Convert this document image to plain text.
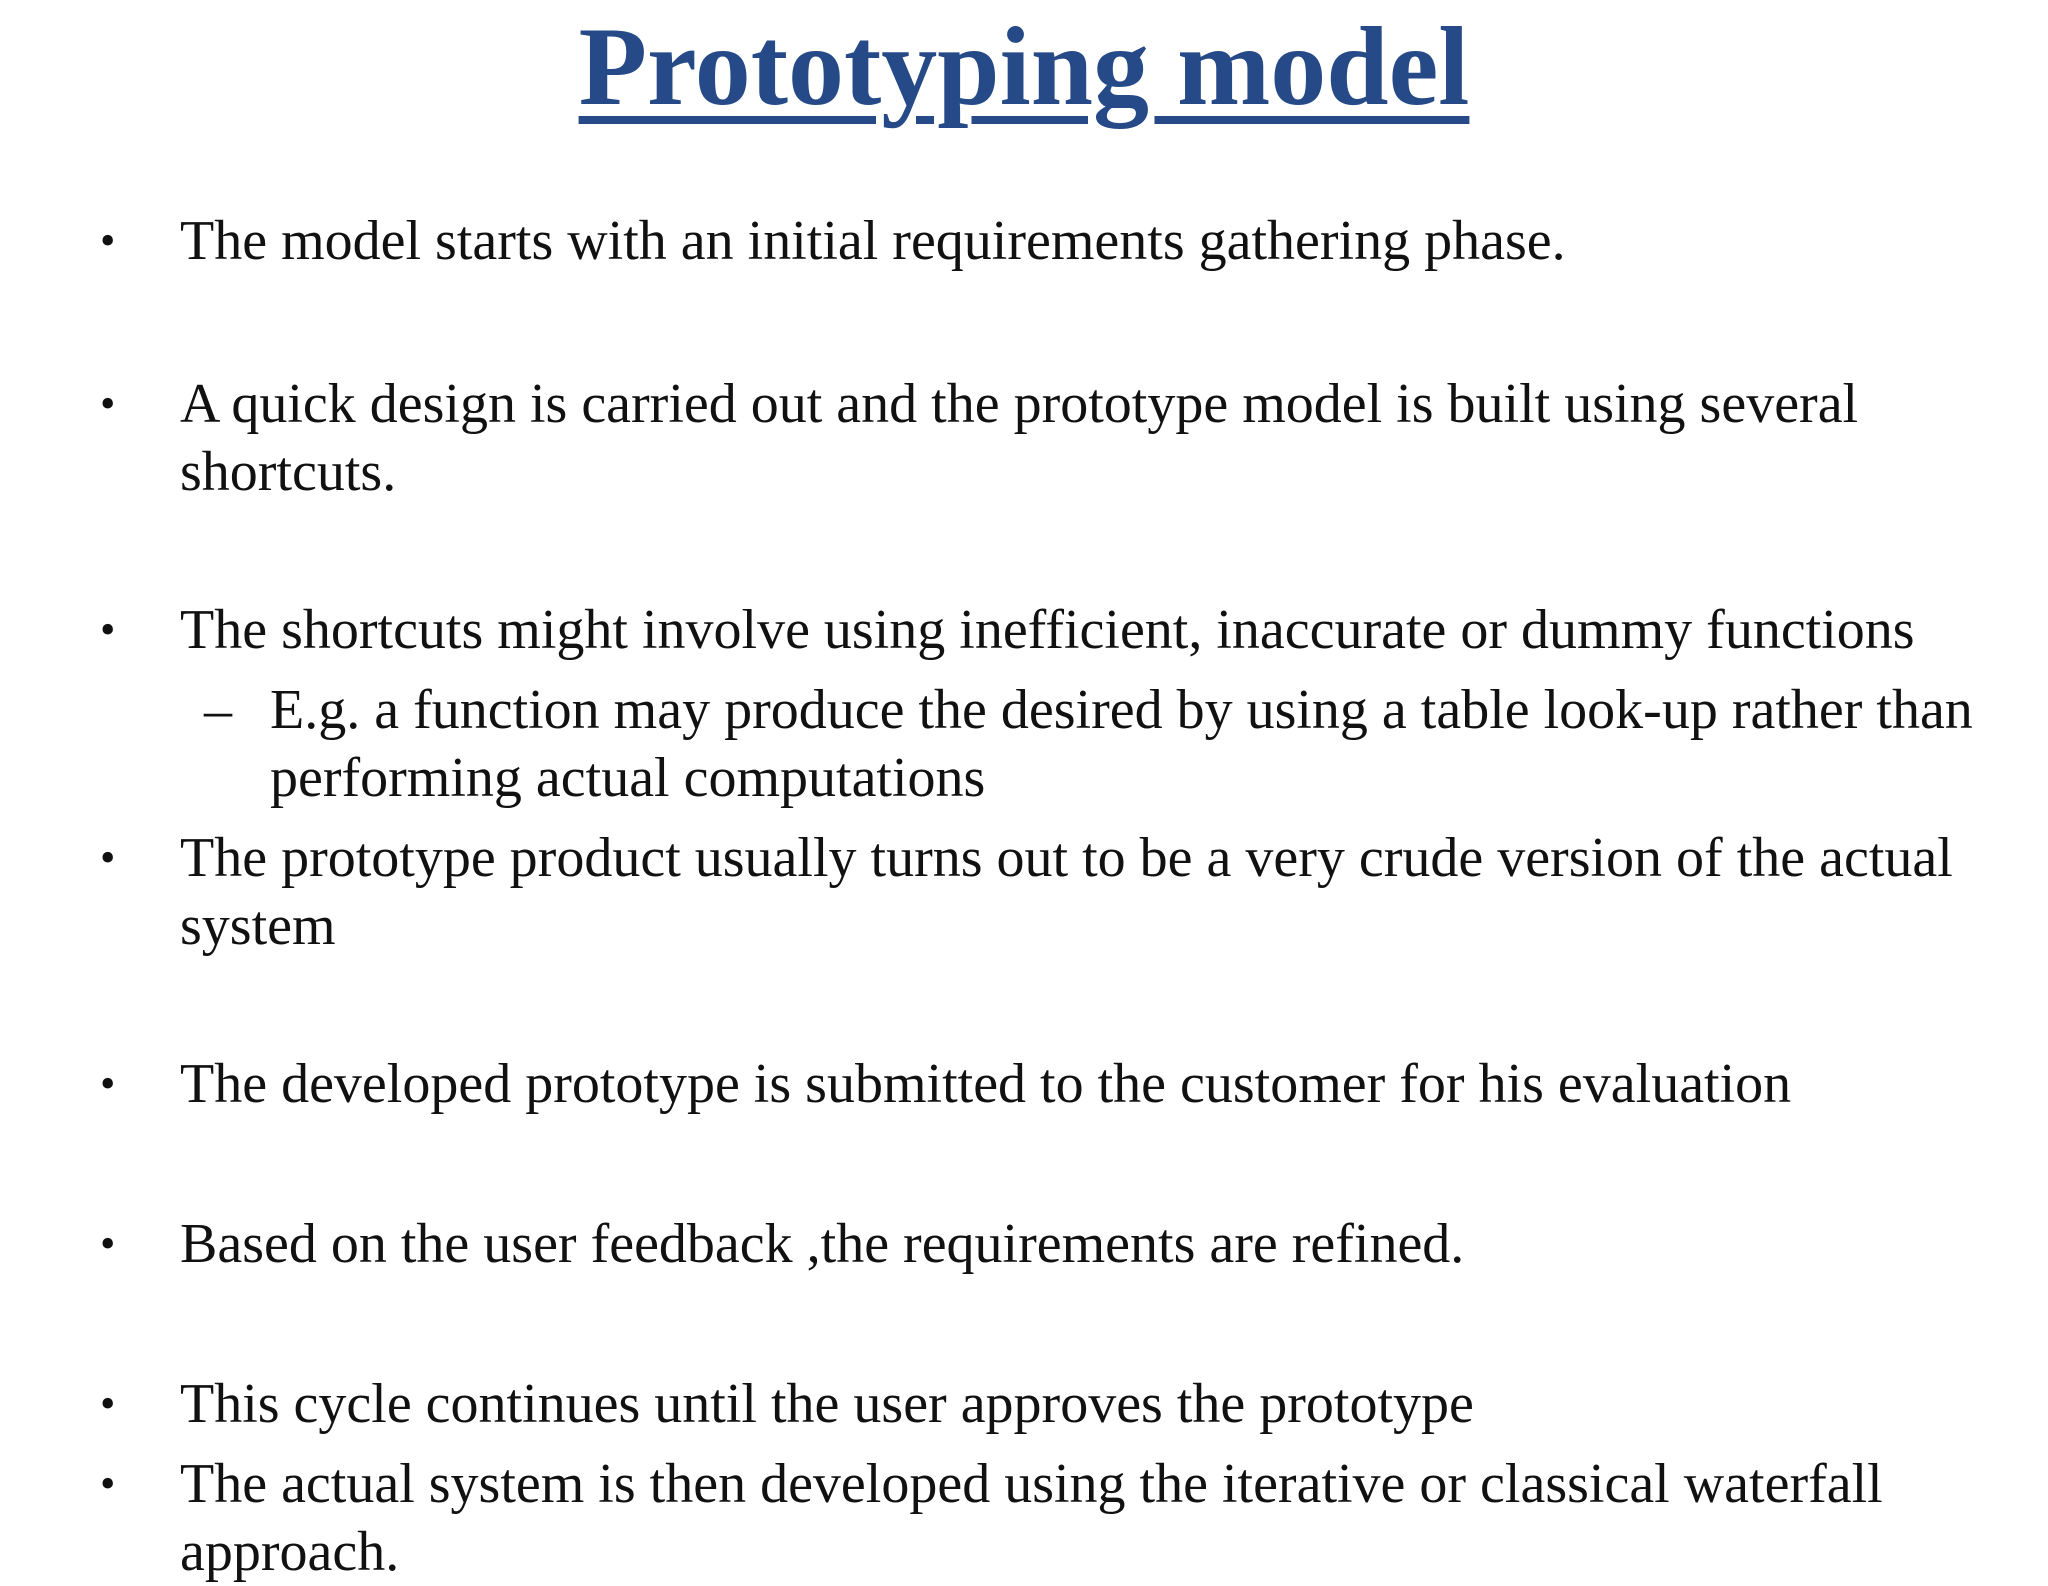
Prototyping model
• The model starts with an initial requirements gathering phase.
• A quick design is carried out and the prototype model is built using several shortcuts.
• The shortcuts might involve using inefficient, inaccurate or dummy functions
– E.g. a function may produce the desired by using a table look-up rather than performing actual computations
• The prototype product usually turns out to be a very crude version of the actual system
• The developed prototype is submitted to the customer for his evaluation
• Based on the user feedback ,the requirements are refined.
• This cycle continues until the user approves the prototype
• The actual system is then developed using the iterative or classical waterfall approach.
